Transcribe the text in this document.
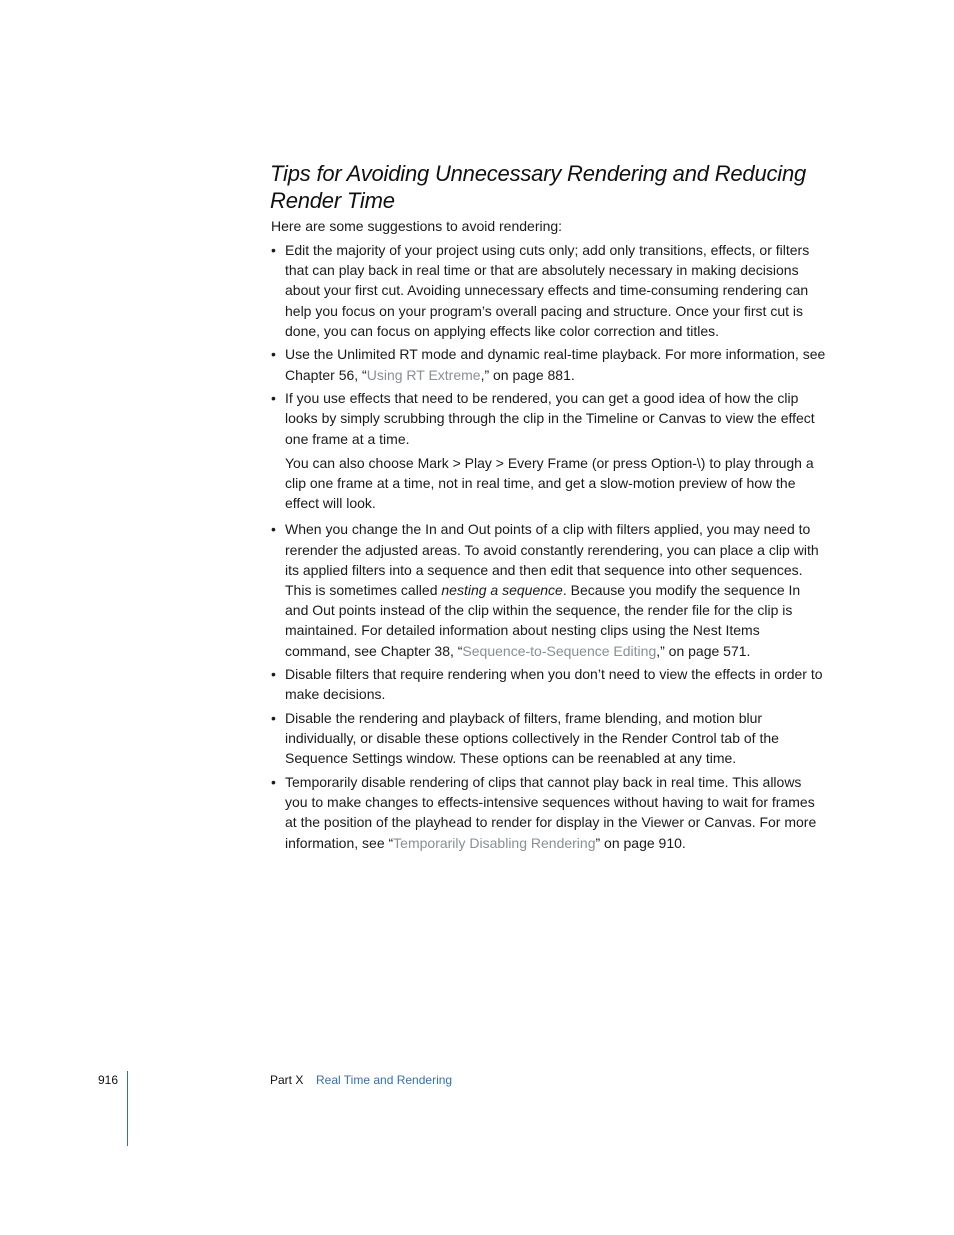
Tips for Avoiding Unnecessary Rendering and Reducing Render Time

Here are some suggestions to avoid rendering:

• Edit the majority of your project using cuts only; add only transitions, effects, or filters that can play back in real time or that are absolutely necessary in making decisions about your first cut. Avoiding unnecessary effects and time-consuming rendering can help you focus on your program’s overall pacing and structure. Once your first cut is done, you can focus on applying effects like color correction and titles.

• Use the Unlimited RT mode and dynamic real-time playback. For more information, see Chapter 56, “Using RT Extreme,” on page 881.

• If you use effects that need to be rendered, you can get a good idea of how the clip looks by simply scrubbing through the clip in the Timeline or Canvas to view the effect one frame at a time.

You can also choose Mark > Play > Every Frame (or press Option-\) to play through a clip one frame at a time, not in real time, and get a slow-motion preview of how the effect will look.

• When you change the In and Out points of a clip with filters applied, you may need to rerender the adjusted areas. To avoid constantly rerendering, you can place a clip with its applied filters into a sequence and then edit that sequence into other sequences. This is sometimes called nesting a sequence. Because you modify the sequence In and Out points instead of the clip within the sequence, the render file for the clip is maintained. For detailed information about nesting clips using the Nest Items command, see Chapter 38, “Sequence-to-Sequence Editing,” on page 571.

• Disable filters that require rendering when you don’t need to view the effects in order to make decisions.

• Disable the rendering and playback of filters, frame blending, and motion blur individually, or disable these options collectively in the Render Control tab of the Sequence Settings window. These options can be reenabled at any time.

• Temporarily disable rendering of clips that cannot play back in real time. This allows you to make changes to effects-intensive sequences without having to wait for frames at the position of the playhead to render for display in the Viewer or Canvas. For more information, see “Temporarily Disabling Rendering” on page 910.

916	Part X Real Time and Rendering
